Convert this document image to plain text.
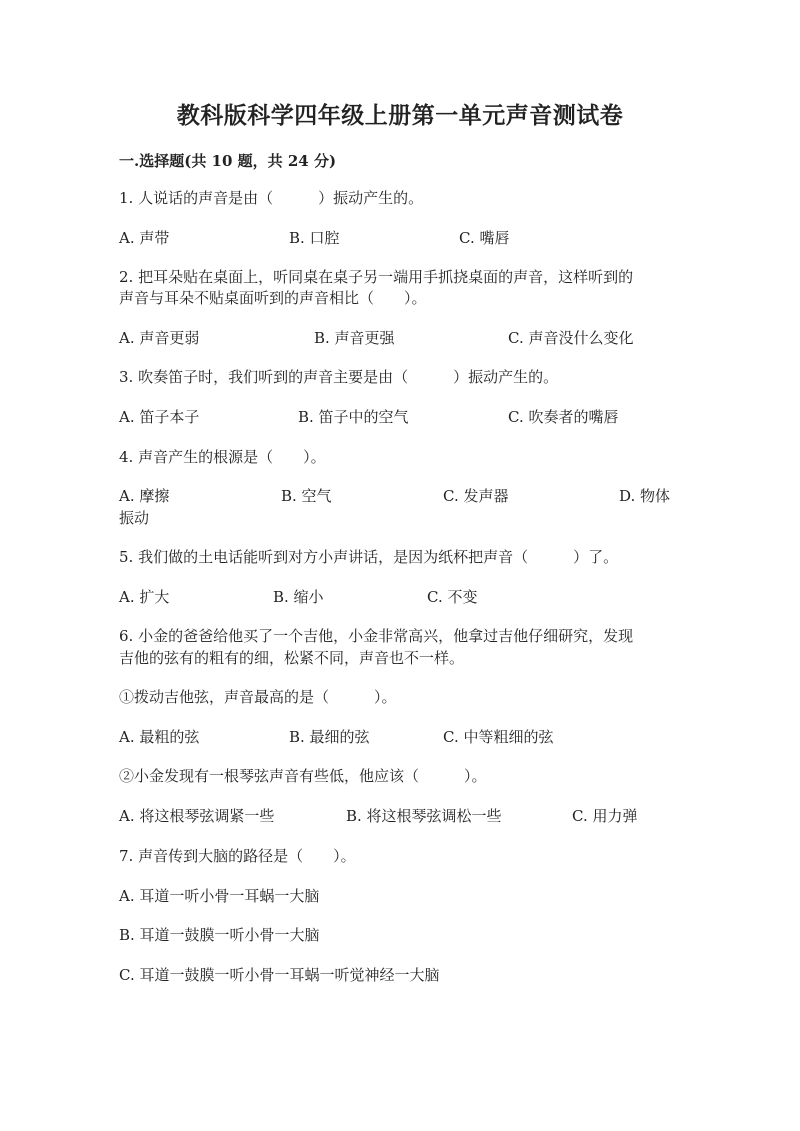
教科版科学四年级上册第一单元声音测试卷
一.选择题(共 10 题，共 24 分)
1. 人说话的声音是由（　　　）振动产生的。
A. 声带	B. 口腔	C. 嘴唇
2. 把耳朵贴在桌面上，听同桌在桌子另一端用手抓挠桌面的声音，这样听到的
声音与耳朵不贴桌面听到的声音相比（　　）。
A. 声音更弱	B. 声音更强	C. 声音没什么变化
3. 吹奏笛子时，我们听到的声音主要是由（　　　）振动产生的。
A. 笛子本子	B. 笛子中的空气	C. 吹奏者的嘴唇
4. 声音产生的根源是（　　）。
A. 摩擦	B. 空气	C. 发声器	D. 物体
振动
5. 我们做的土电话能听到对方小声讲话，是因为纸杯把声音（　　　）了。
A. 扩大	B. 缩小	C. 不变
6. 小金的爸爸给他买了一个吉他，小金非常高兴，他拿过吉他仔细研究，发现
吉他的弦有的粗有的细，松紧不同，声音也不一样。
①拨动吉他弦，声音最高的是（　　　）。
A. 最粗的弦	B. 最细的弦	C. 中等粗细的弦
②小金发现有一根琴弦声音有些低，他应该（　　　）。
A. 将这根琴弦调紧一些	B. 将这根琴弦调松一些	C. 用力弹
7. 声音传到大脑的路径是（　　）。
A. 耳道一听小骨一耳蜗一大脑
B. 耳道一鼓膜一听小骨一大脑
C. 耳道一鼓膜一听小骨一耳蜗一听觉神经一大脑
